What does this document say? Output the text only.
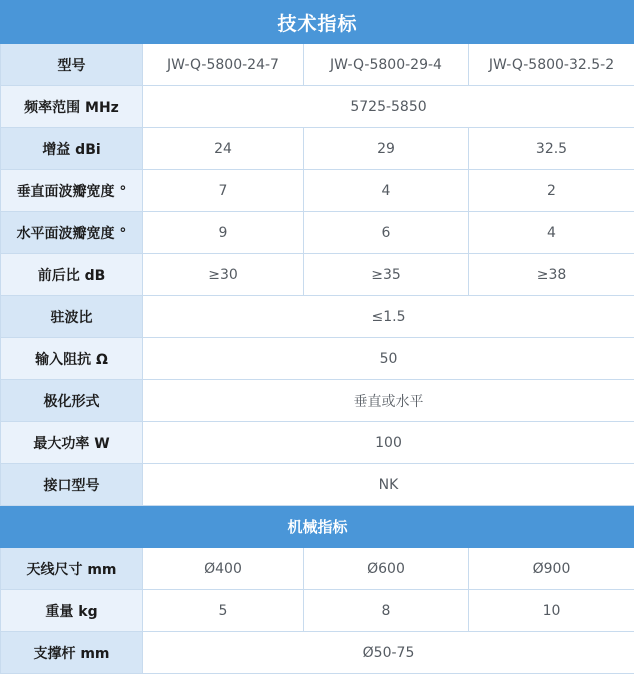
技术指标			
型号	JW-Q-5800-24-7	JW-Q-5800-29-4	JW-Q-5800-32.5-2
频率范围 MHz	5725-5850		
增益 dBi	24	29	32.5
垂直面波瓣宽度 °	7	4	2
水平面波瓣宽度 °	9	6	4
前后比 dB	≥30	≥35	≥38
驻波比	≤1.5		
输入阻抗 Ω	50		
极化形式	垂直或水平		
最大功率 W	100		
接口型号	NK		
机械指标			
天线尺寸 mm	Ø400	Ø600	Ø900
重量 kg	5	8	10
支撑杆 mm	Ø50-75		
